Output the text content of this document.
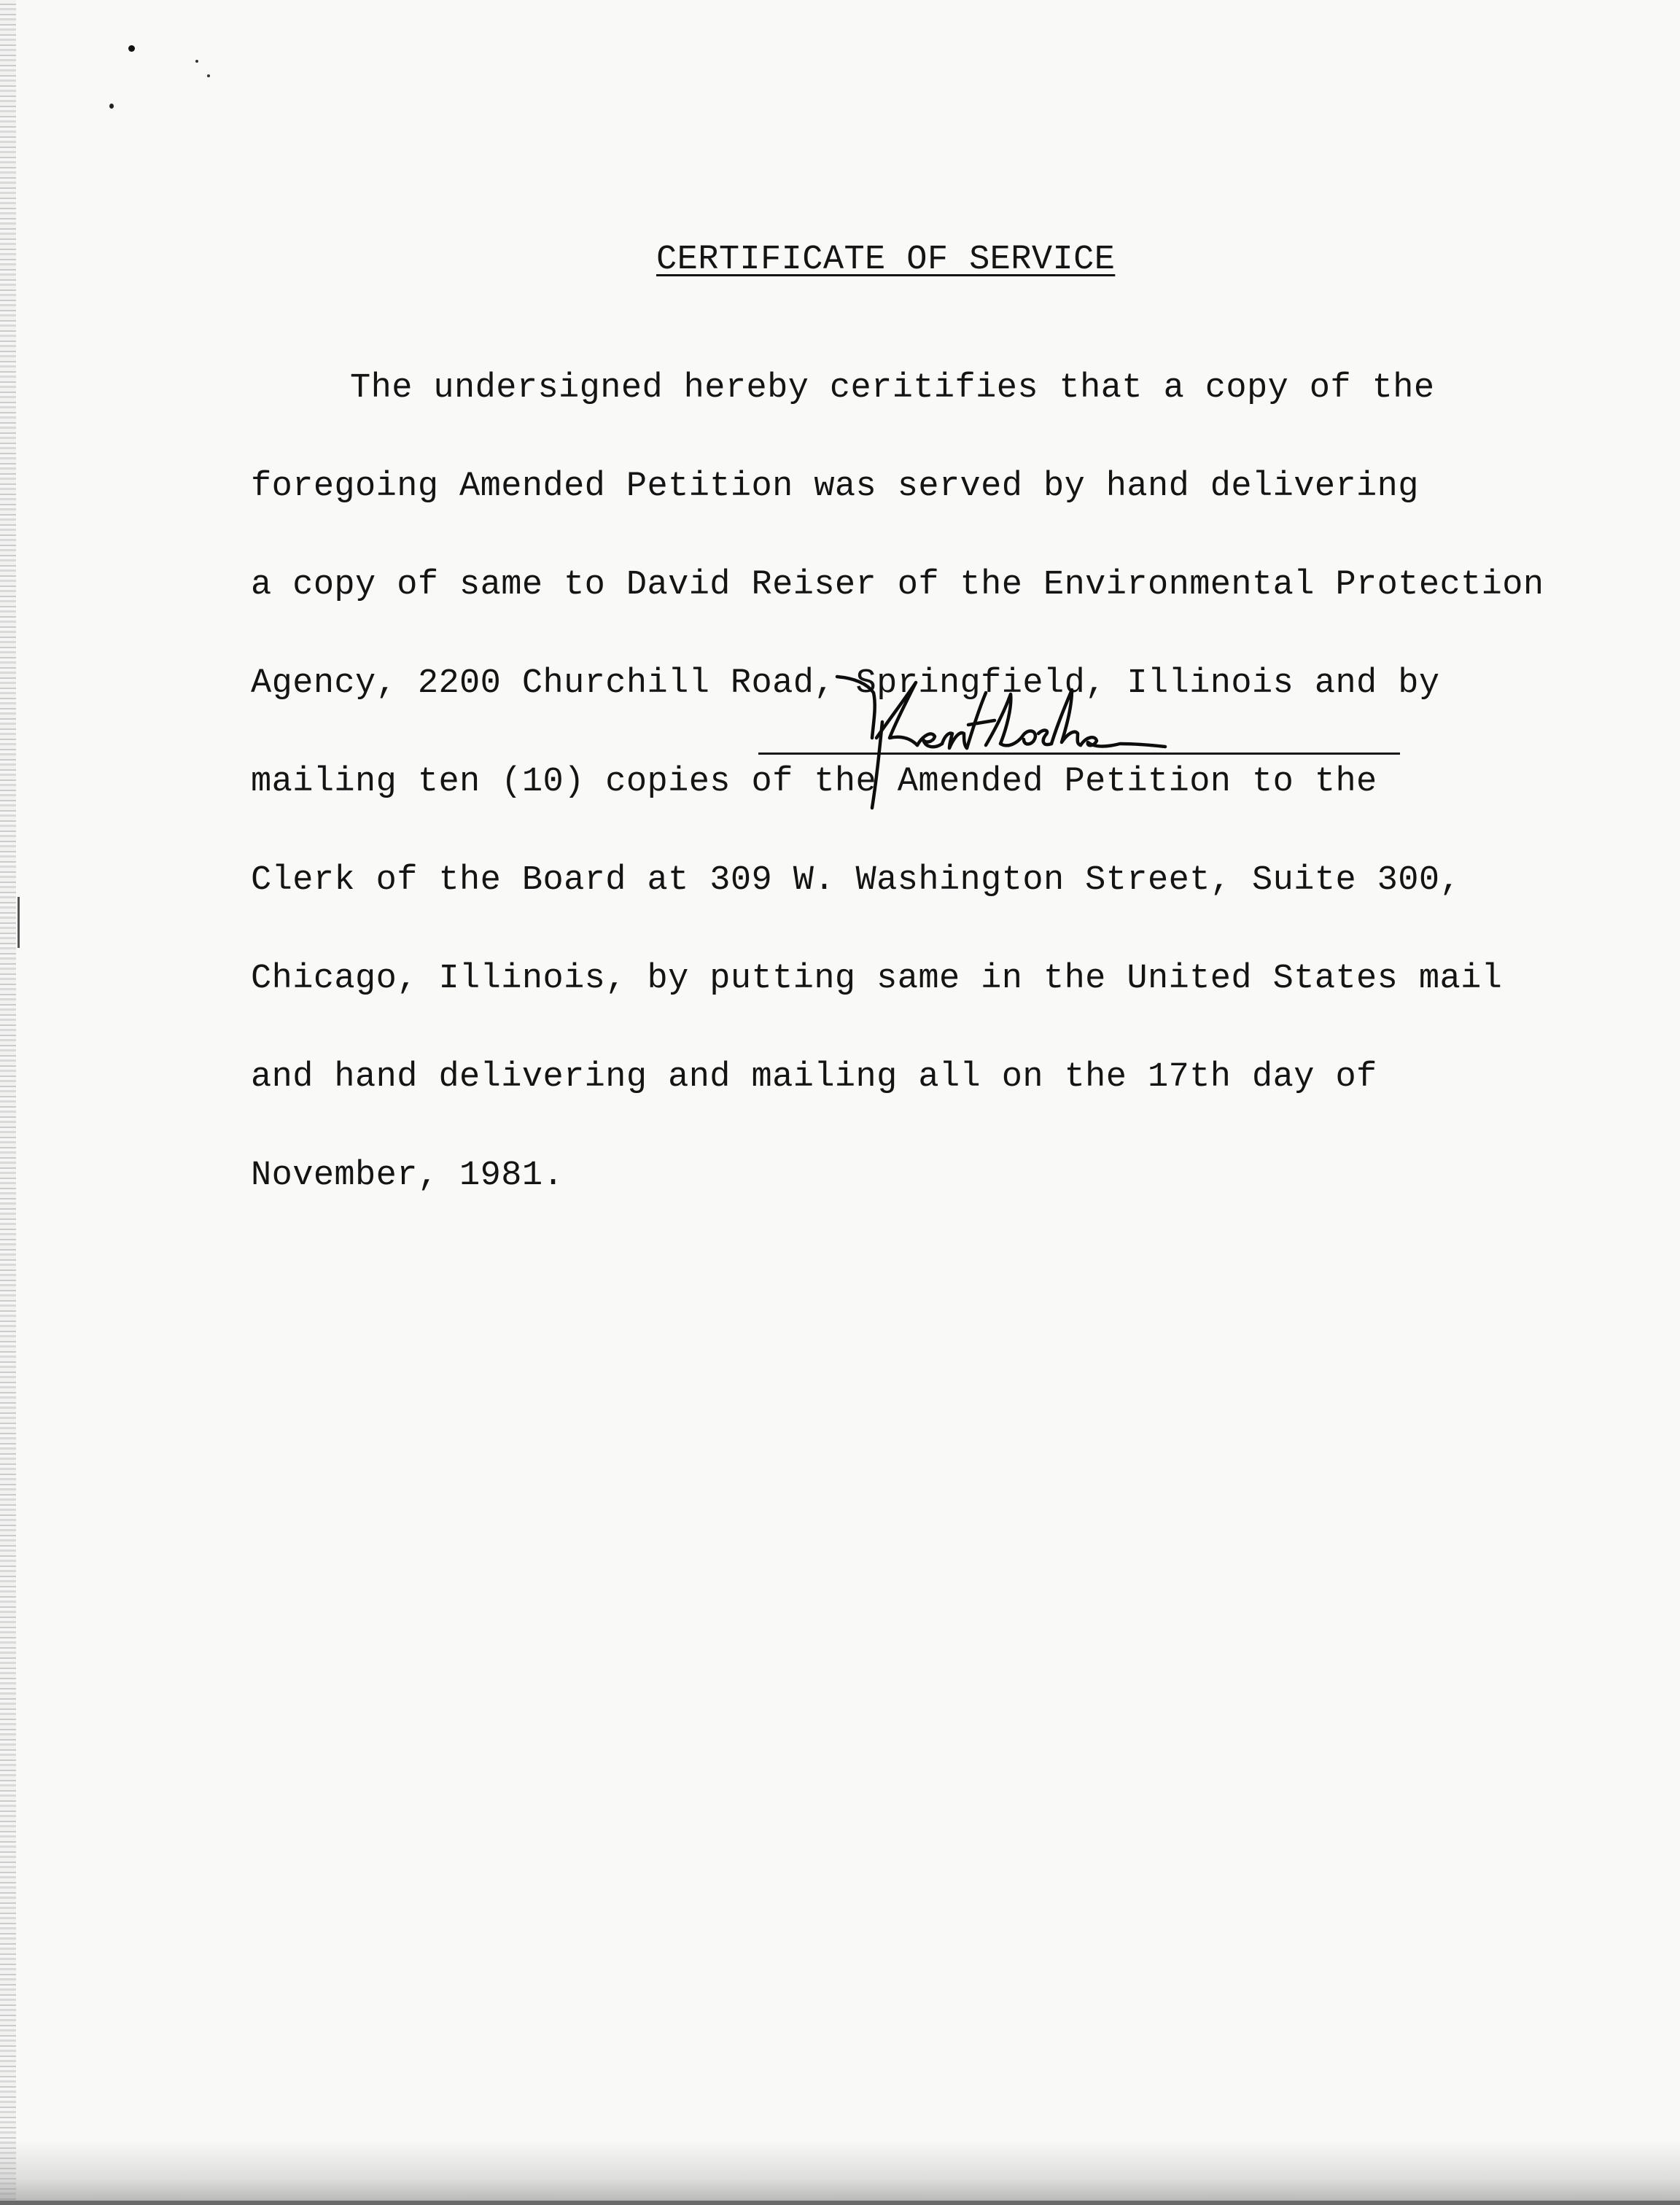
CERTIFICATE OF SERVICE

The undersigned hereby ceritifies that a copy of the

foregoing Amended Petition was served by hand delivering

a copy of same to David Reiser of the Environmental Protection

Agency, 2200 Churchill Road, Springfield, Illinois and by

mailing ten (10) copies of the Amended Petition to the

Clerk of the Board at 309 W. Washington Street, Suite 300,

Chicago, Illinois, by putting same in the United States mail

and hand delivering and mailing all on the 17th day of

November, 1981.
